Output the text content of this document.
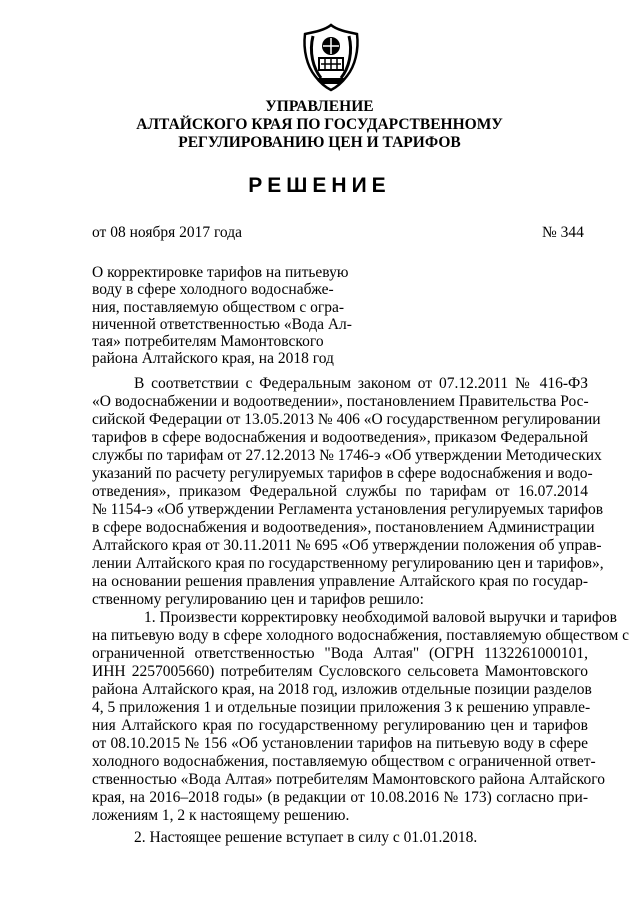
УПРАВЛЕНИЕ
АЛТАЙСКОГО КРАЯ ПО ГОСУДАРСТВЕННОМУ
РЕГУЛИРОВАНИЮ ЦЕН И ТАРИФОВ
РЕШЕНИЕ
от 08 ноября 2017 года	№ 344
О корректировке тарифов на питьевую
воду в сфере холодного водоснабже-
ния, поставляемую обществом с огра-
ниченной ответственностью «Вода Ал-
тая» потребителям Мамонтовского
района Алтайского края, на 2018 год
В соответствии с Федеральным законом от 07.12.2011 № 416-ФЗ
«О водоснабжении и водоотведении», постановлением Правительства Рос-
сийской Федерации от 13.05.2013 № 406 «О государственном регулировании
тарифов в сфере водоснабжения и водоотведения», приказом Федеральной
службы по тарифам от 27.12.2013 № 1746-э «Об утверждении Методических
указаний по расчету регулируемых тарифов в сфере водоснабжения и водо-
отведения», приказом Федеральной службы по тарифам от 16.07.2014
№ 1154-э «Об утверждении Регламента установления регулируемых тарифов
в сфере водоснабжения и водоотведения», постановлением Администрации
Алтайского края от 30.11.2011 № 695 «Об утверждении положения об управ-
лении Алтайского края по государственному регулированию цен и тарифов»,
на основании решения правления управление Алтайского края по государ-
ственному регулированию цен и тарифов решило:
1. Произвести корректировку необходимой валовой выручки и тарифов
на питьевую воду в сфере холодного водоснабжения, поставляемую обществом с
ограниченной ответственностью "Вода Алтая" (ОГРН 1132261000101,
ИНН 2257005660) потребителям Сусловского сельсовета Мамонтовского
района Алтайского края, на 2018 год, изложив отдельные позиции разделов
4, 5 приложения 1 и отдельные позиции приложения 3 к решению управле-
ния Алтайского края по государственному регулированию цен и тарифов
от 08.10.2015 № 156 «Об установлении тарифов на питьевую воду в сфере
холодного водоснабжения, поставляемую обществом с ограниченной ответ-
ственностью «Вода Алтая» потребителям Мамонтовского района Алтайского
края, на 2016–2018 годы» (в редакции от 10.08.2016 № 173) согласно при-
ложениям 1, 2 к настоящему решению.
2. Настоящее решение вступает в силу с 01.01.2018.
